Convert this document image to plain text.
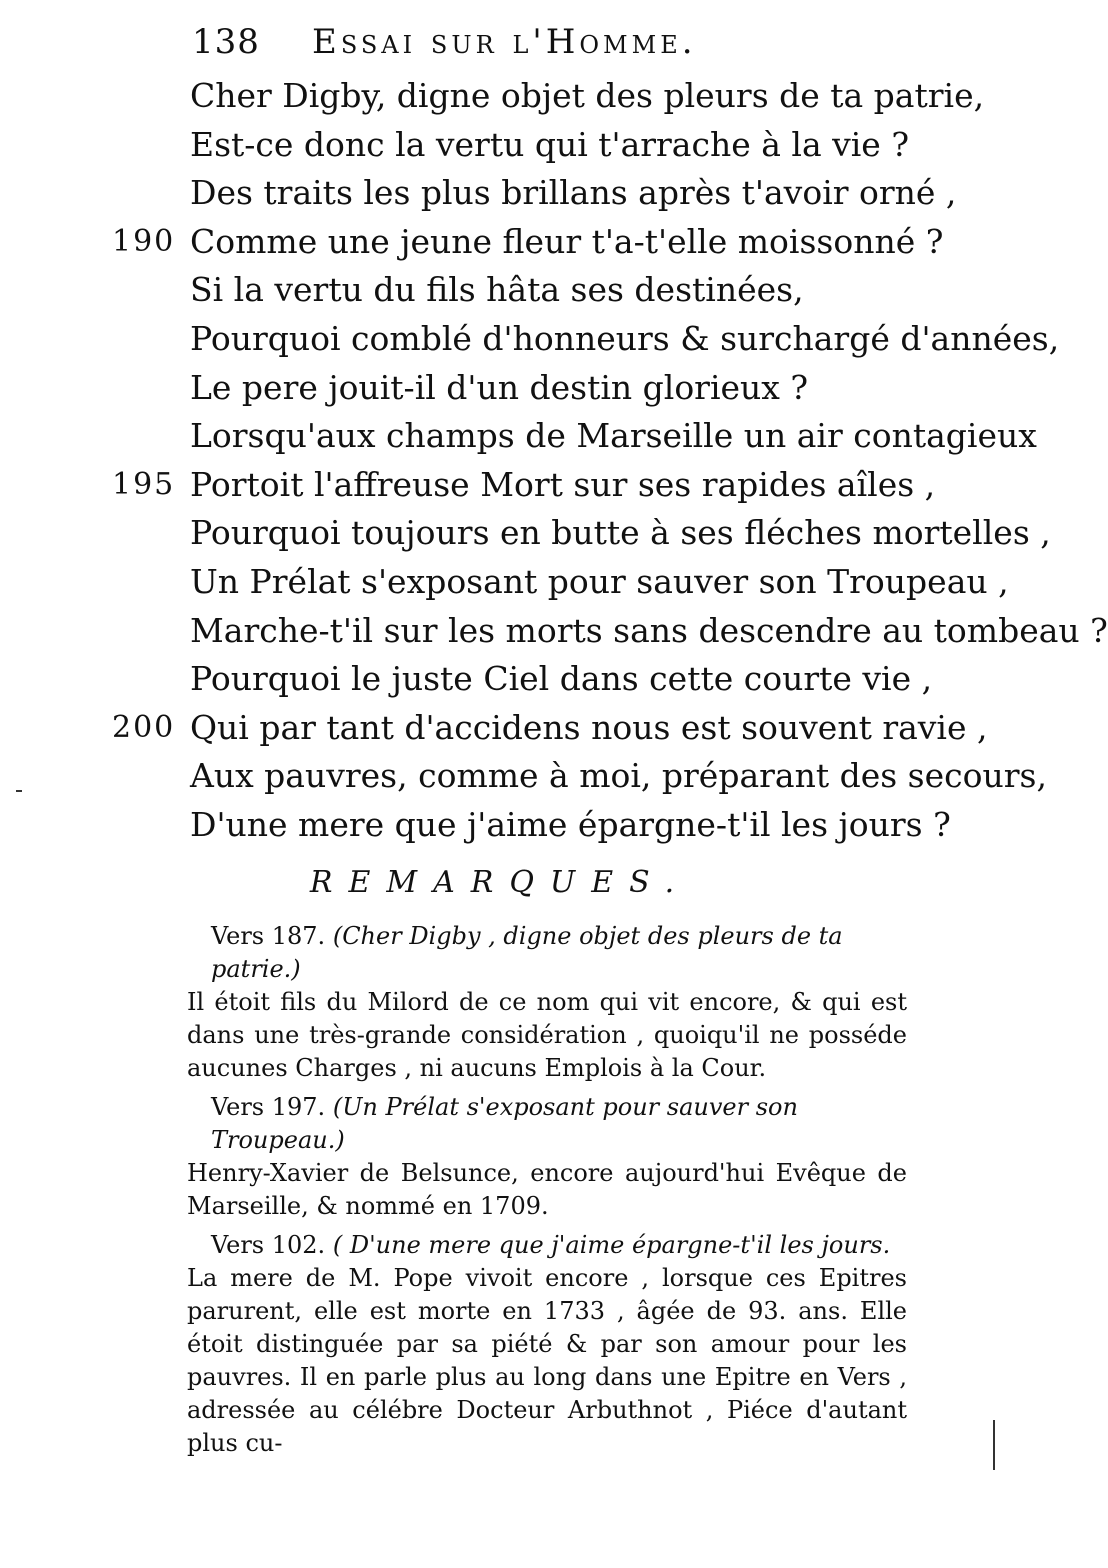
138 Essai sur l'Homme.
Cher Digby, digne objet des pleurs de ta patrie,
Est-ce donc la vertu qui t'arrache à la vie ?
Des traits les plus brillans après t'avoir orné ,
190 Comme une jeune fleur t'a-t'elle moissonné ?
Si la vertu du fils hâta ses destinées,
Pourquoi comblé d'honneurs & surchargé d'années,
Le pere jouit-il d'un destin glorieux ?
Lorsqu'aux champs de Marseille un air contagieux
195 Portoit l'affreuse Mort sur ses rapides aîles ,
Pourquoi toujours en butte à ses fléches mortelles ,
Un Prélat s'exposant pour sauver son Troupeau ,
Marche-t'il sur les morts sans descendre au tombeau ?
Pourquoi le juste Ciel dans cette courte vie ,
200 Qui par tant d'accidens nous est souvent ravie ,
Aux pauvres, comme à moi, préparant des secours,
D'une mere que j'aime épargne-t'il les jours ?
REMARQUES.

Vers 187. (Cher Digby , digne objet des pleurs de ta patrie.)
Il étoit fils du Milord de ce nom qui vit encore, & qui est dans une très-grande considération , quoiqu'il ne posséde aucunes Charges , ni aucuns Emplois à la Cour.

Vers 197. (Un Prélat s'exposant pour sauver son Troupeau.)
Henry-Xavier de Belsunce, encore aujourd'hui Evêque de Marseille, & nommé en 1709.

Vers 102. ( D'une mere que j'aime épargne-t'il les jours.
La mere de M. Pope vivoit encore , lorsque ces Epitres parurent, elle est morte en 1733 , âgée de 93. ans. Elle étoit distinguée par sa piété & par son amour pour les pauvres. Il en parle plus au long dans une Epitre en Vers , adressée au célébre Docteur Arbuthnot , Piéce d'autant plus cu-
